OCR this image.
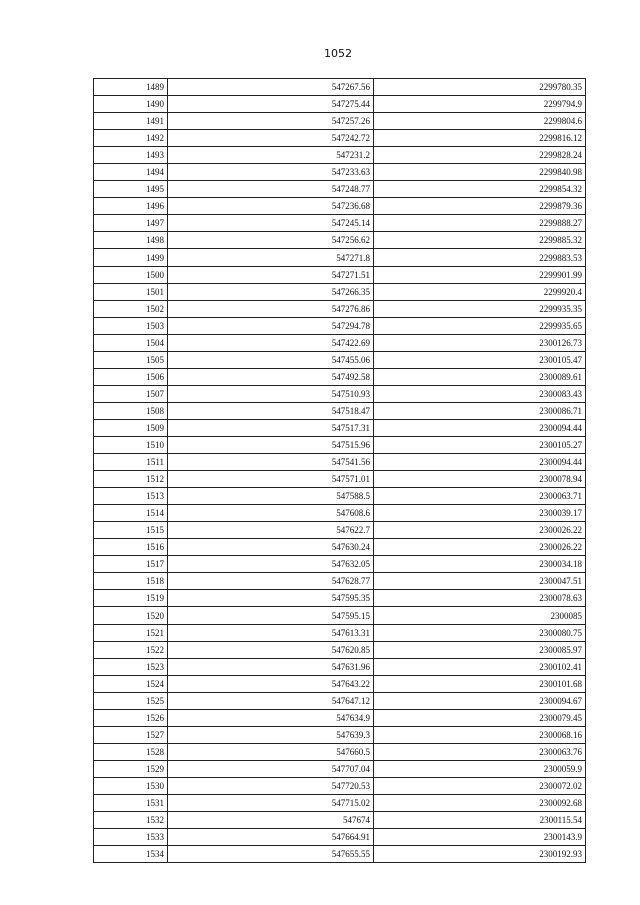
1052
1489	547267.56	2299780.35
1490	547275.44	2299794.9
1491	547257.26	2299804.6
1492	547242.72	2299816.12
1493	547231.2	2299828.24
1494	547233.63	2299840.98
1495	547248.77	2299854.32
1496	547236.68	2299879.36
1497	547245.14	2299888.27
1498	547256.62	2299885.32
1499	547271.8	2299883.53
1500	547271.51	2299901.99
1501	547266.35	2299920.4
1502	547276.86	2299935.35
1503	547294.78	2299935.65
1504	547422.69	2300126.73
1505	547455.06	2300105.47
1506	547492.58	2300089.61
1507	547510.93	2300083.43
1508	547518.47	2300086.71
1509	547517.31	2300094.44
1510	547515.96	2300105.27
1511	547541.56	2300094.44
1512	547571.01	2300078.94
1513	547588.5	2300063.71
1514	547608.6	2300039.17
1515	547622.7	2300026.22
1516	547630.24	2300026.22
1517	547632.05	2300034.18
1518	547628.77	2300047.51
1519	547595.35	2300078.63
1520	547595.15	2300085
1521	547613.31	2300080.75
1522	547620.85	2300085.97
1523	547631.96	2300102.41
1524	547643.22	2300101.68
1525	547647.12	2300094.67
1526	547634.9	2300079.45
1527	547639.3	2300068.16
1528	547660.5	2300063.76
1529	547707.04	2300059.9
1530	547720.53	2300072.02
1531	547715.02	2300092.68
1532	547674	2300115.54
1533	547664.91	2300143.9
1534	547655.55	2300192.93
